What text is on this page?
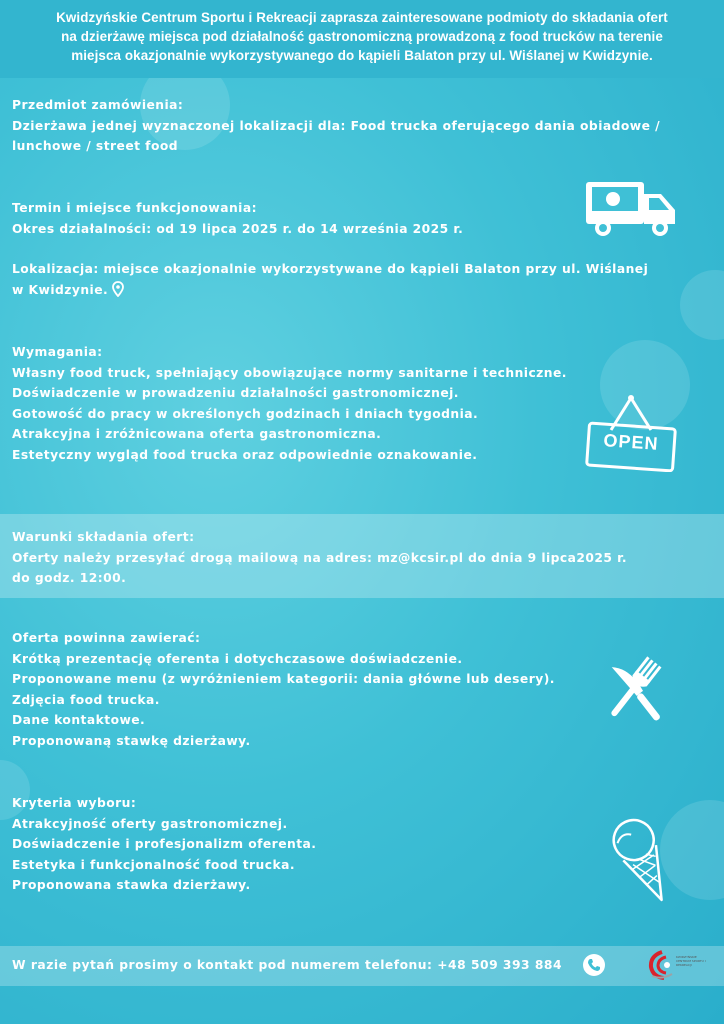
Kwidzyńskie Centrum Sportu i Rekreacji zaprasza zainteresowane podmioty do składania ofert

na dzierżawę miejsca pod działalność gastronomiczną prowadzoną z food trucków na terenie

miejsca okazjonalnie wykorzystywanego do kąpieli Balaton przy ul. Wiślanej w Kwidzynie.

Przedmiot zamówienia:

Dzierżawa jednej wyznaczonej lokalizacji dla: Food trucka oferującego dania obiadowe /

lunchowe / street food

Termin i miejsce funkcjonowania:

Okres działalności: od 19 lipca 2025 r. do 14 września 2025 r.

Lokalizacja: miejsce okazjonalnie wykorzystywane do kąpieli Balaton przy ul. Wiślanej

w Kwidzynie.

Wymagania:

Własny food truck, spełniający obowiązujące normy sanitarne i techniczne.

Doświadczenie w prowadzeniu działalności gastronomicznej.

Gotowość do pracy w określonych godzinach i dniach tygodnia.

Atrakcyjna i zróżnicowana oferta gastronomiczna.

Estetyczny wygląd food trucka oraz odpowiednie oznakowanie.

OPEN

Warunki składania ofert:

Oferty należy przesyłać drogą mailową na adres: mz@kcsir.pl do dnia 9 lipca2025 r.

do godz. 12:00.

Oferta powinna zawierać:

Krótką prezentację oferenta i dotychczasowe doświadczenie.

Proponowane menu (z wyróżnieniem kategorii: dania główne lub desery).

Zdjęcia food trucka.

Dane kontaktowe.

Proponowaną stawkę dzierżawy.

Kryteria wyboru:

Atrakcyjność oferty gastronomicznej.

Doświadczenie i profesjonalizm oferenta.

Estetyka i funkcjonalność food trucka.

Proponowana stawka dzierżawy.

W razie pytań prosimy o kontakt pod numerem telefonu: +48 509 393 884
KWIDZYŃSKIE CENTRUM SPORTU I REKREACJI
